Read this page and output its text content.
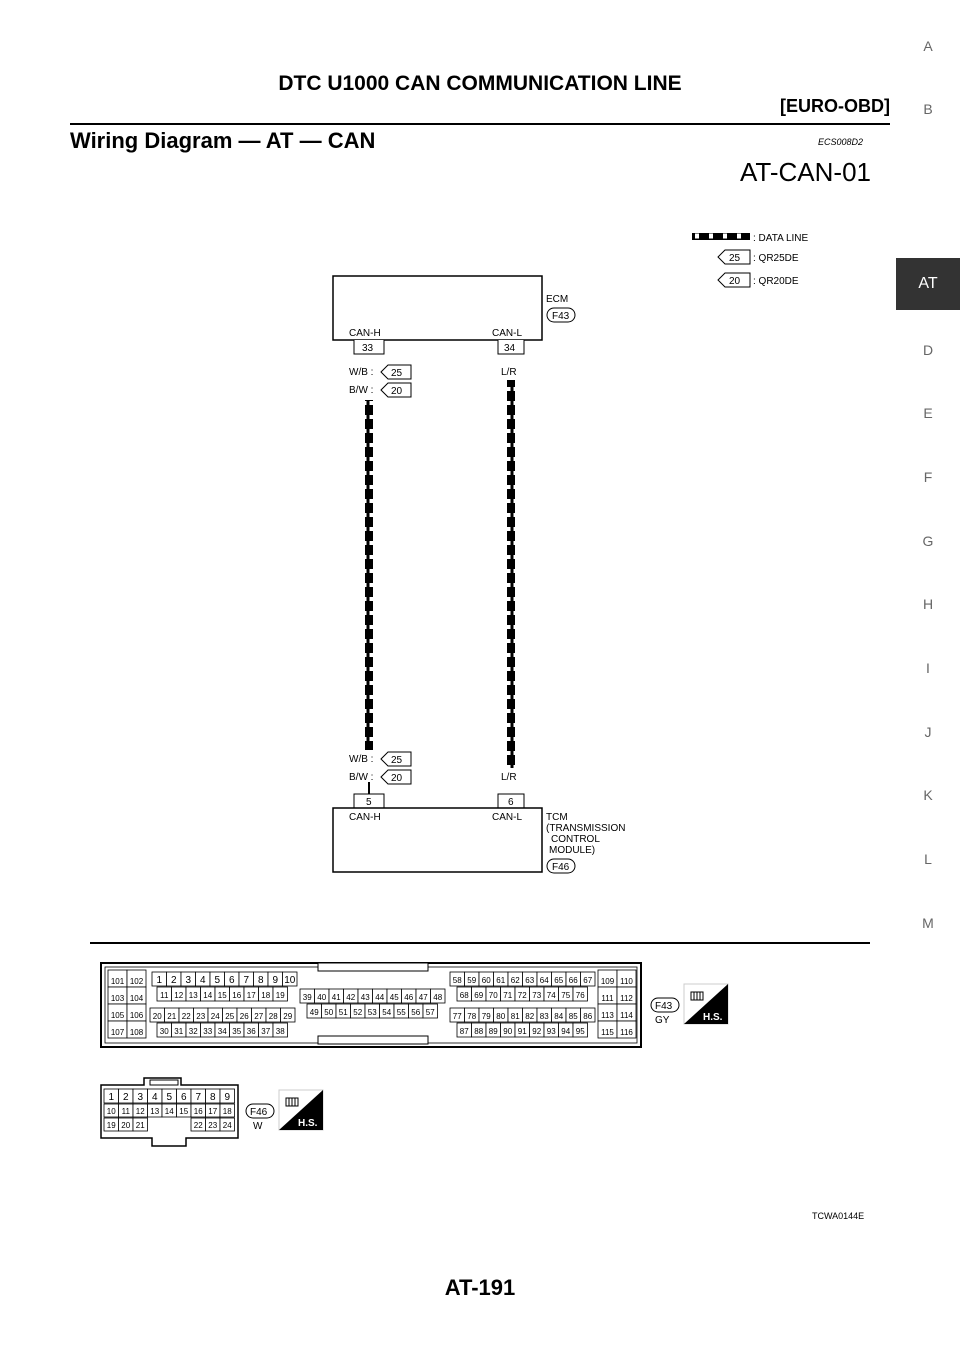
DTC U1000 CAN COMMUNICATION LINE
[EURO-OBD]
Wiring Diagram — AT — CAN	ECS008D2
AT-CAN-01
A
B
AT
D
E
F
G
H
I
J
K
L
M
: DATA LINE
25 : QR25DE
20 : QR20DE
ECM
F43
CAN-H	CAN-L
33	34
W/B : 25
B/W : 20
L/R
W/B : 25
B/W : 20	L/R
5	6
CAN-H	CAN-L TCM
(TRANSMISSION
CONTROL
MODULE)
F46
101 102
103 104
105 106
107 108
1 2 3 4 5 6 7 8 9 10
11 12 13 14 15 16 17 18 19
20 21 22 23 24 25 26 27 28 29
30 31 32 33 34 35 36 37 38
39 40 41 42 43 44 45 46 47 48
49 50 51 52 53 54 55 56 57
58 59 60 61 62 63 64 65 66 67
68 69 70 71 72 73 74 75 76
77 78 79 80 81 82 83 84 85 86
87 88 89 90 91 92 93 94 95
109 110
111 112
113 114
115 116
1 2 3 4 5 6 7 8 9
10 11 12 13 14 15 16 17 18
19 20 21	22 23 24
F43
GY	H.S.
F46
W	H.S.
TCWA0144E
AT-191
